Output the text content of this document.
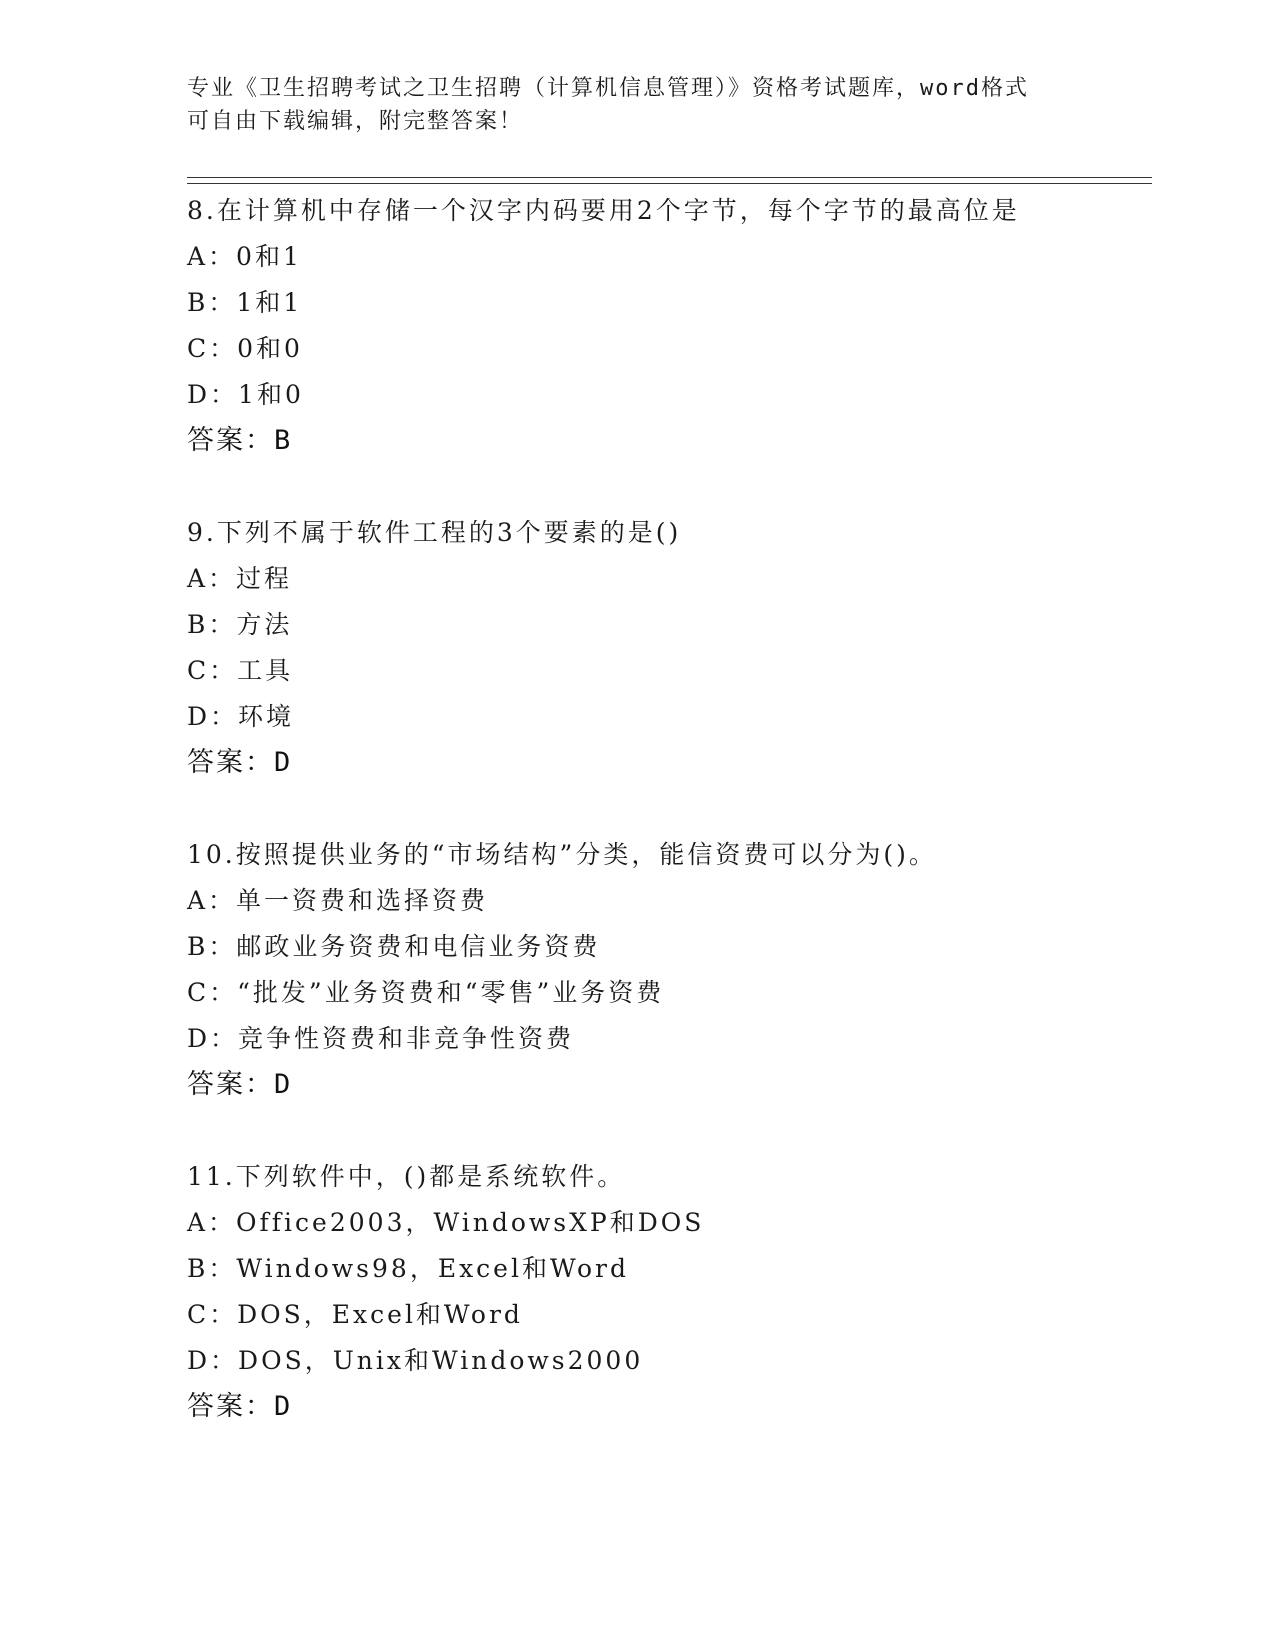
专业《卫生招聘考试之卫生招聘（计算机信息管理）》资格考试题库，word格式
可自由下载编辑，附完整答案！
8.在计算机中存储一个汉字内码要用2个字节，每个字节的最高位是
A：0和1
B：1和1
C：0和0
D：1和0
答案：B
9.下列不属于软件工程的3个要素的是()
A：过程
B：方法
C：工具
D：环境
答案：D
10.按照提供业务的“市场结构”分类，能信资费可以分为()。
A：单一资费和选择资费
B：邮政业务资费和电信业务资费
C：“批发”业务资费和“零售”业务资费
D：竞争性资费和非竞争性资费
答案：D
11.下列软件中，()都是系统软件。
A：Office2003，WindowsXP和DOS
B：Windows98，Excel和Word
C：DOS，Excel和Word
D：DOS，Unix和Windows2000
答案：D
